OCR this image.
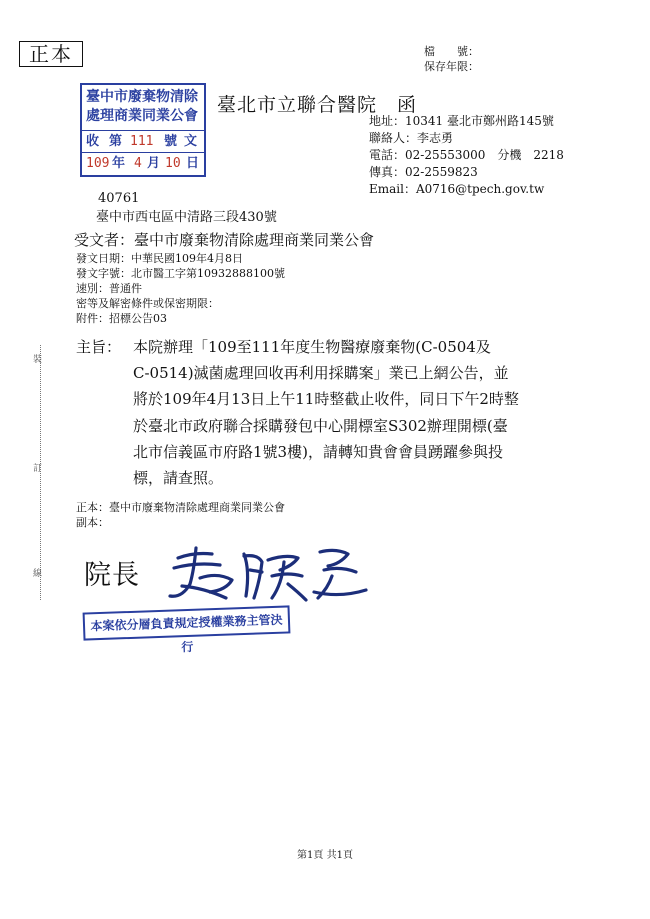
正本	檔　　號：
保存年限：
臺中市廢棄物清除
處理商業同業公會
收 第 111 號 文
109 年 4 月 10 日
臺北市立聯合醫院　函
地址：10341 臺北市鄭州路145號
聯絡人：李志勇
電話：02-25553000　分機　2218
傳真：02-2559823
Email：A0716@tpech.gov.tw
40761
臺中市西屯區中清路三段430號
受文者：臺中市廢棄物清除處理商業同業公會
發文日期：中華民國109年4月8日
發文字號：北市醫工字第10932888100號
速別：普通件
密等及解密條件或保密期限：
附件：招標公告03
主旨： 本院辦理「109至111年度生物醫療廢棄物(C-0504及
C-0514)滅菌處理回收再利用採購案」業已上網公告，並
將於109年4月13日上午11時整截止收件，同日下午2時整
於臺北市政府聯合採購發包中心開標室S302辦理開標(臺
北市信義區市府路1號3樓)，請轉知貴會會員踴躍參與投
標，請查照。
正本：臺中市廢棄物清除處理商業同業公會
副本：
裝
訂
線 院長
本案依分層負責規定授權業務主管決行
第1頁 共1頁
